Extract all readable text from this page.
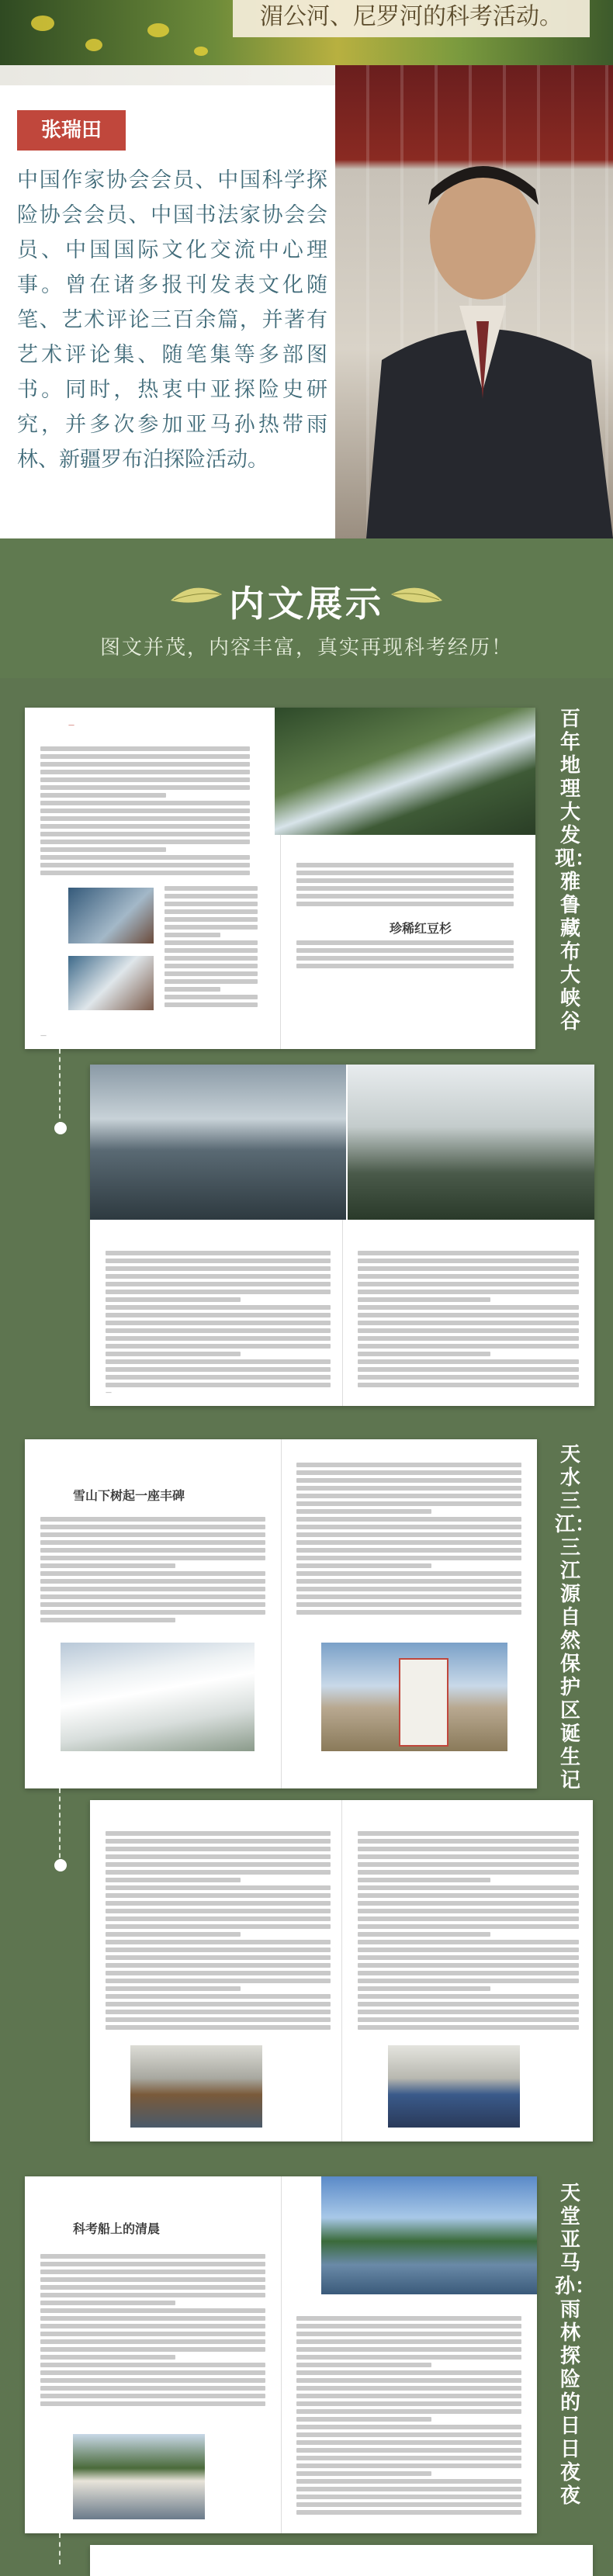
湄公河、尼罗河的科考活动。
张瑞田
中国作家协会会员、中国科学探险协会会员、中国书法家协会会员、中国国际文化交流中心理事。曾在诸多报刊发表文化随笔、艺术评论三百余篇，并著有艺术评论集、随笔集等多部图书。同时，热衷中亚探险史研究，并多次参加亚马孙热带雨林、新疆罗布泊探险活动。
内文展示
图文并茂，内容丰富，真实再现科考经历！
—
珍稀红豆杉
—
百年地理大发现：雅鲁藏布大峡谷
—
雪山下树起一座丰碑
天水三江：三江源自然保护区诞生记
科考船上的清晨
天堂亚马孙：雨林探险的日日夜夜
